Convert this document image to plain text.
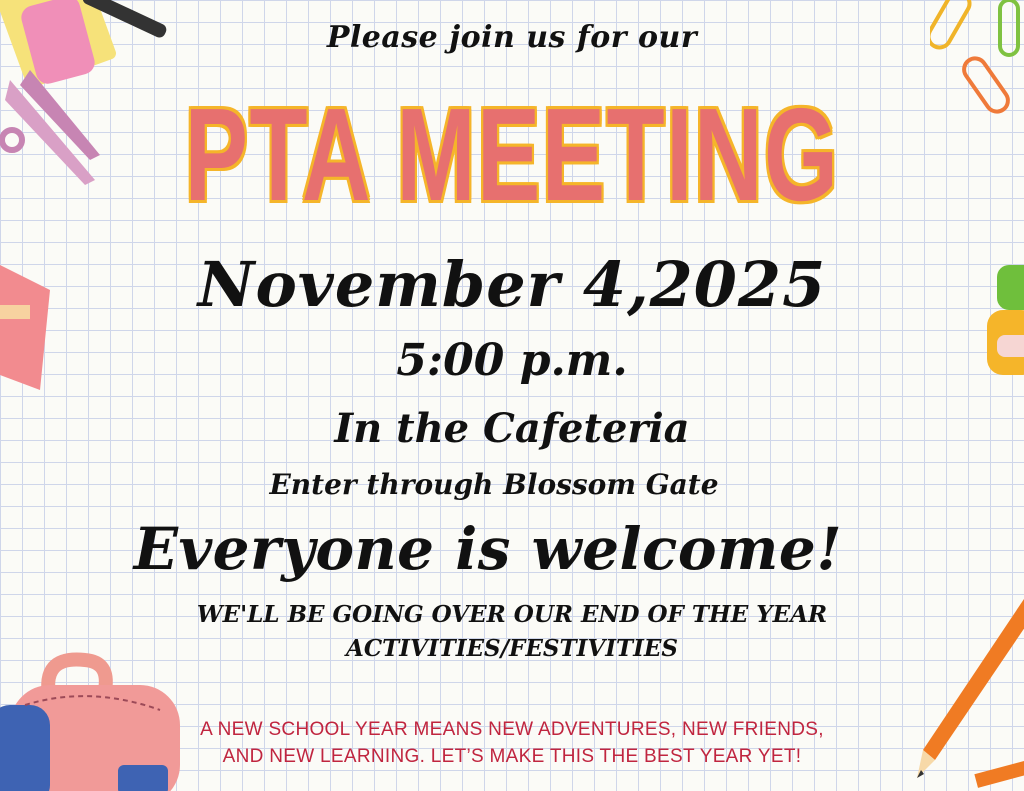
Please join us for our

PTA MEETING

November 4,2025

5:00 p.m.

In the Cafeteria

Enter through Blossom Gate

Everyone is welcome!

WE'LL BE GOING OVER OUR END OF THE YEAR
ACTIVITIES/FESTIVITIES
A NEW SCHOOL YEAR MEANS NEW ADVENTURES, NEW FRIENDS,
AND NEW LEARNING. LET’S MAKE THIS THE BEST YEAR YET!
